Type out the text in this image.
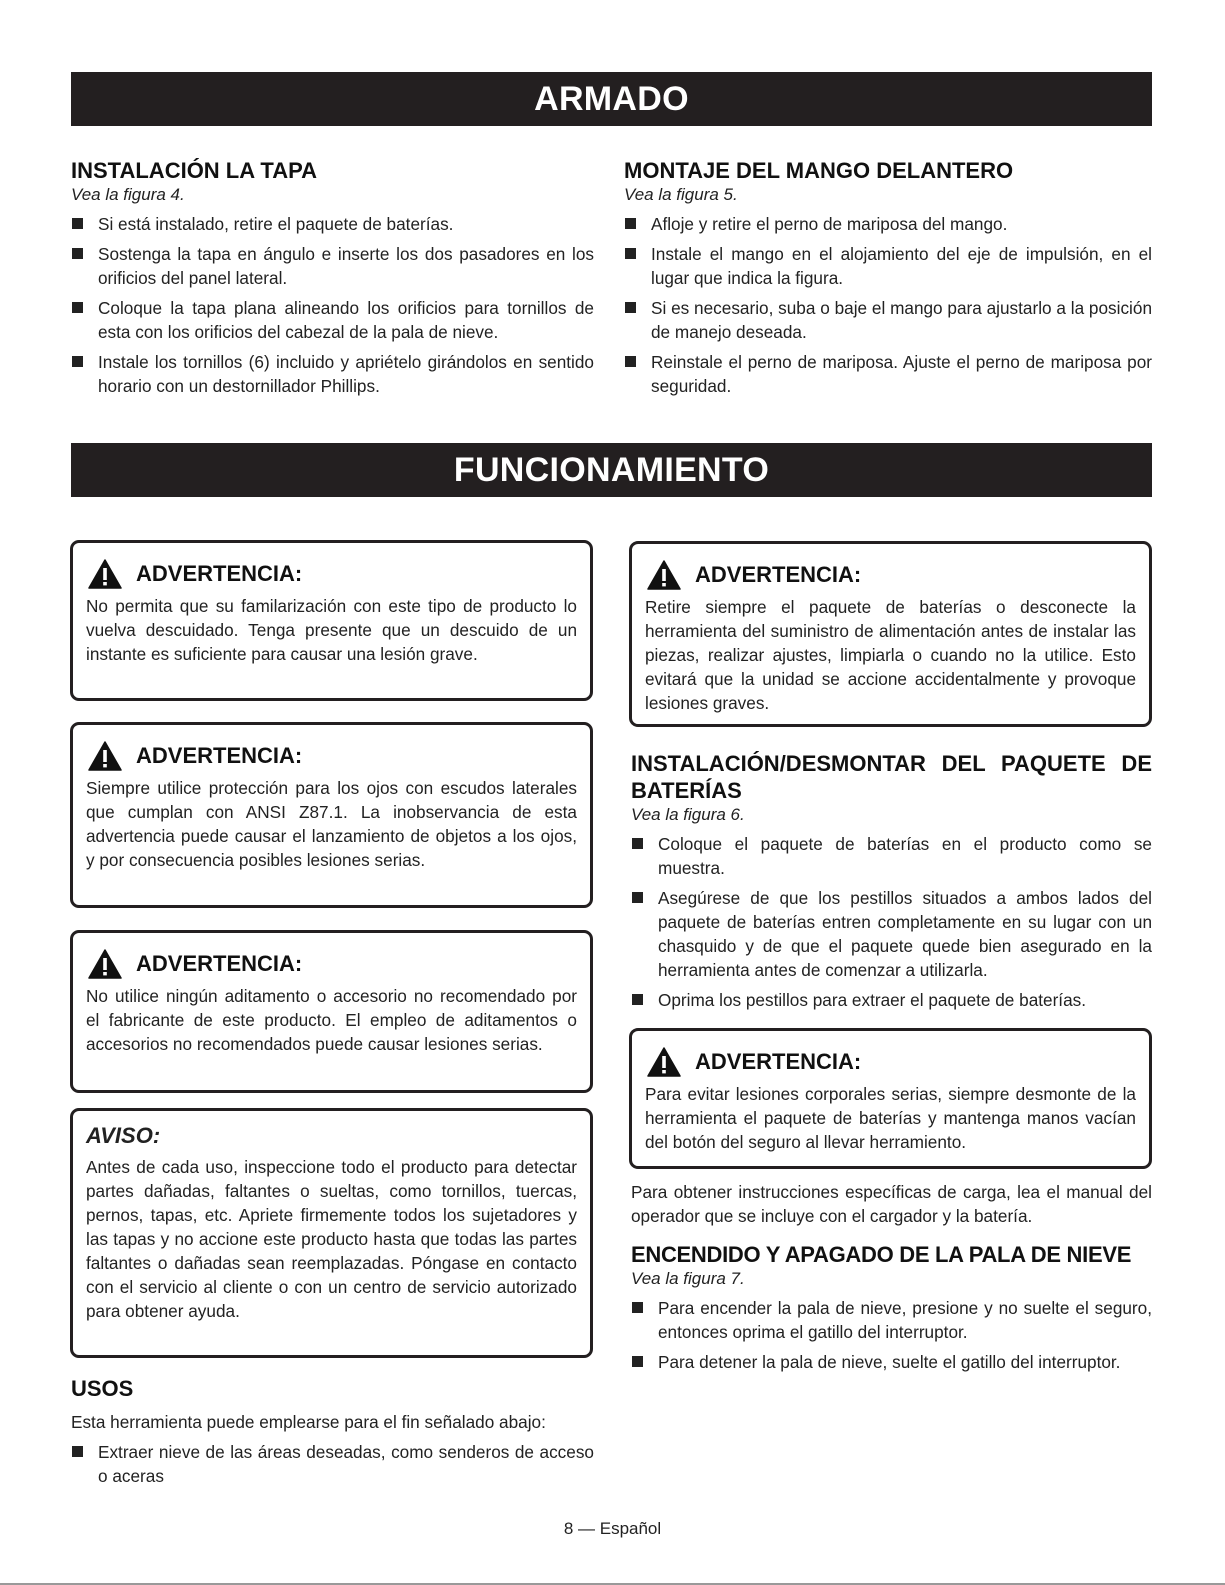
ARMADO
INSTALACIÓN LA TAPA
Vea la figura 4.
Si está instalado, retire el paquete de baterías.
Sostenga la tapa en ángulo e inserte los dos pasadores en los orificios del panel lateral.
Coloque la tapa plana alineando los orificios para tornillos de esta con los orificios del cabezal de la pala de nieve.
Instale los tornillos (6) incluido y apriételo girándolos en sentido horario con un destornillador Phillips.
MONTAJE DEL MANGO DELANTERO
Vea la figura 5.
Afloje y retire el perno de mariposa del mango.
Instale el mango en el alojamiento del eje de impulsión, en el lugar que indica la figura.
Si es necesario, suba o baje el mango para ajustarlo a la posición de manejo deseada.
Reinstale el perno de mariposa. Ajuste el perno de mariposa por seguridad.
FUNCIONAMIENTO
ADVERTENCIA:
No permita que su familarización con este tipo de producto lo vuelva descuidado. Tenga presente que un descuido de un instante es suficiente para causar una lesión grave.
ADVERTENCIA:
Siempre utilice protección para los ojos con escudos laterales que cumplan con ANSI Z87.1. La inobservancia de esta advertencia puede causar el lanzamiento de objetos a los ojos, y por consecuencia posibles lesiones serias.
ADVERTENCIA:
No utilice ningún aditamento o accesorio no recomendado por el fabricante de este producto. El empleo de aditamentos o accesorios no recomendados puede causar lesiones serias.
AVISO:
Antes de cada uso, inspeccione todo el producto para detectar partes dañadas, faltantes o sueltas, como tornillos, tuercas, pernos, tapas, etc. Apriete firmemente todos los sujetadores y las tapas y no accione este producto hasta que todas las partes faltantes o dañadas sean reemplazadas. Póngase en contacto con el servicio al cliente o con un centro de servicio autorizado para obtener ayuda.
USOS
Esta herramienta puede emplearse para el fin señalado abajo:
Extraer nieve de las áreas deseadas, como senderos de acceso o aceras
ADVERTENCIA:
Retire siempre el paquete de baterías o desconecte la herramienta del suministro de alimentación antes de instalar las piezas, realizar ajustes, limpiarla o cuando no la utilice. Esto evitará que la unidad se accione accidentalmente y provoque lesiones graves.
INSTALACIÓN/DESMONTAR DEL PAQUETE DE BATERÍAS
Vea la figura 6.
Coloque el paquete de baterías en el producto como se muestra.
Asegúrese de que los pestillos situados a ambos lados del paquete de baterías entren completamente en su lugar con un chasquido y de que el paquete quede bien asegurado en la herramienta antes de comenzar a utilizarla.
Oprima los pestillos para extraer el paquete de baterías.
ADVERTENCIA:
Para evitar lesiones corporales serias, siempre desmonte de la herramienta el paquete de baterías y mantenga manos vacían del botón del seguro al llevar herramiento.
Para obtener instrucciones específicas de carga, lea el manual del operador que se incluye con el cargador y la batería.
ENCENDIDO Y APAGADO DE LA PALA DE NIEVE
Vea la figura 7.
Para encender la pala de nieve, presione y no suelte el seguro, entonces oprima el gatillo del interruptor.
Para detener la pala de nieve, suelte el gatillo del interruptor.
8 — Español
